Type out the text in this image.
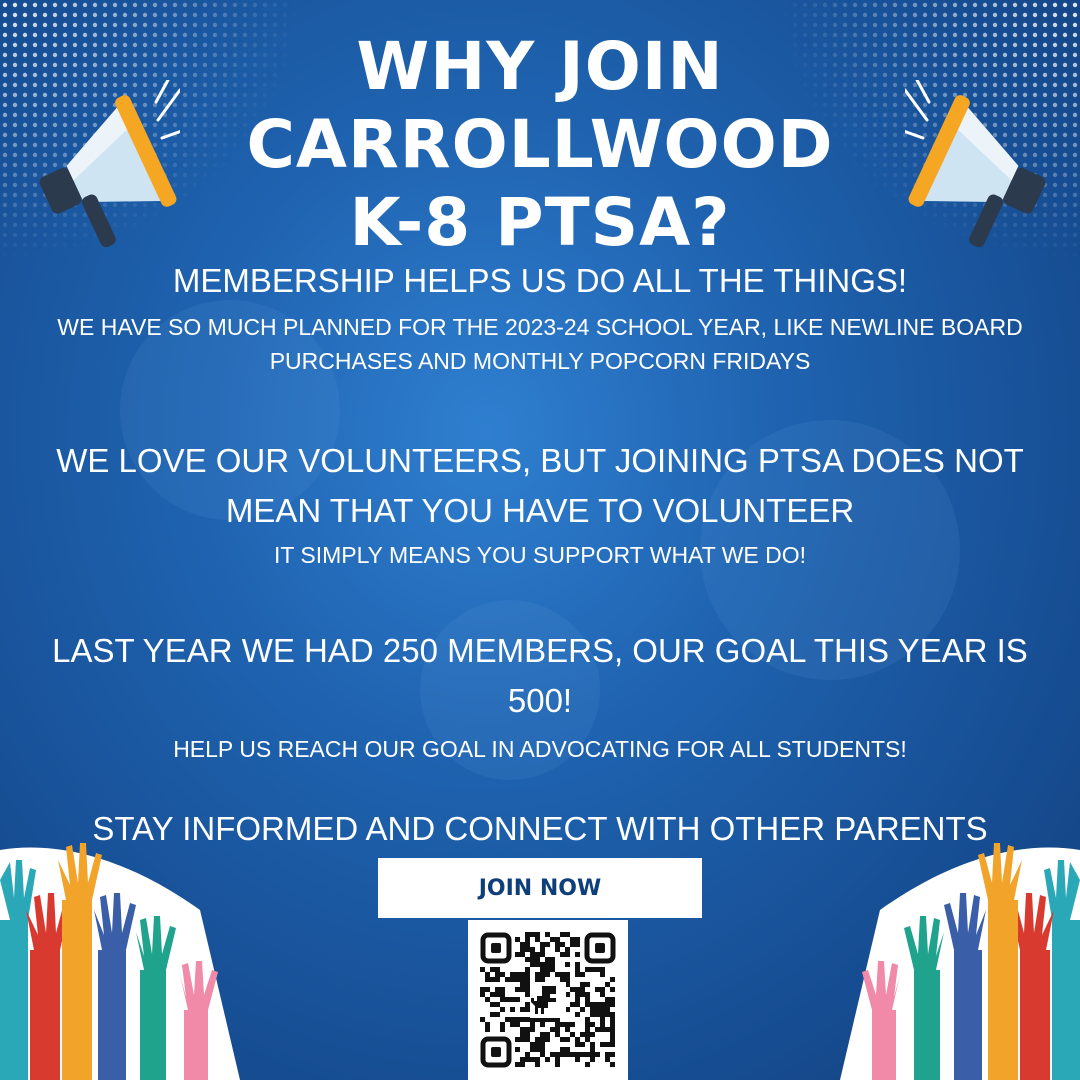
WHY JOIN
CARROLLWOOD
K-8 PTSA?

MEMBERSHIP HELPS US DO ALL THE THINGS!

WE HAVE SO MUCH PLANNED FOR THE 2023-24 SCHOOL YEAR, LIKE NEWLINE BOARD

PURCHASES AND MONTHLY POPCORN FRIDAYS

WE LOVE OUR VOLUNTEERS, BUT JOINING PTSA DOES NOT

MEAN THAT YOU HAVE TO VOLUNTEER

IT SIMPLY MEANS YOU SUPPORT WHAT WE DO!

LAST YEAR WE HAD 250 MEMBERS, OUR GOAL THIS YEAR IS

500!

HELP US REACH OUR GOAL IN ADVOCATING FOR ALL STUDENTS!

STAY INFORMED AND CONNECT WITH OTHER PARENTS

JOIN NOW
